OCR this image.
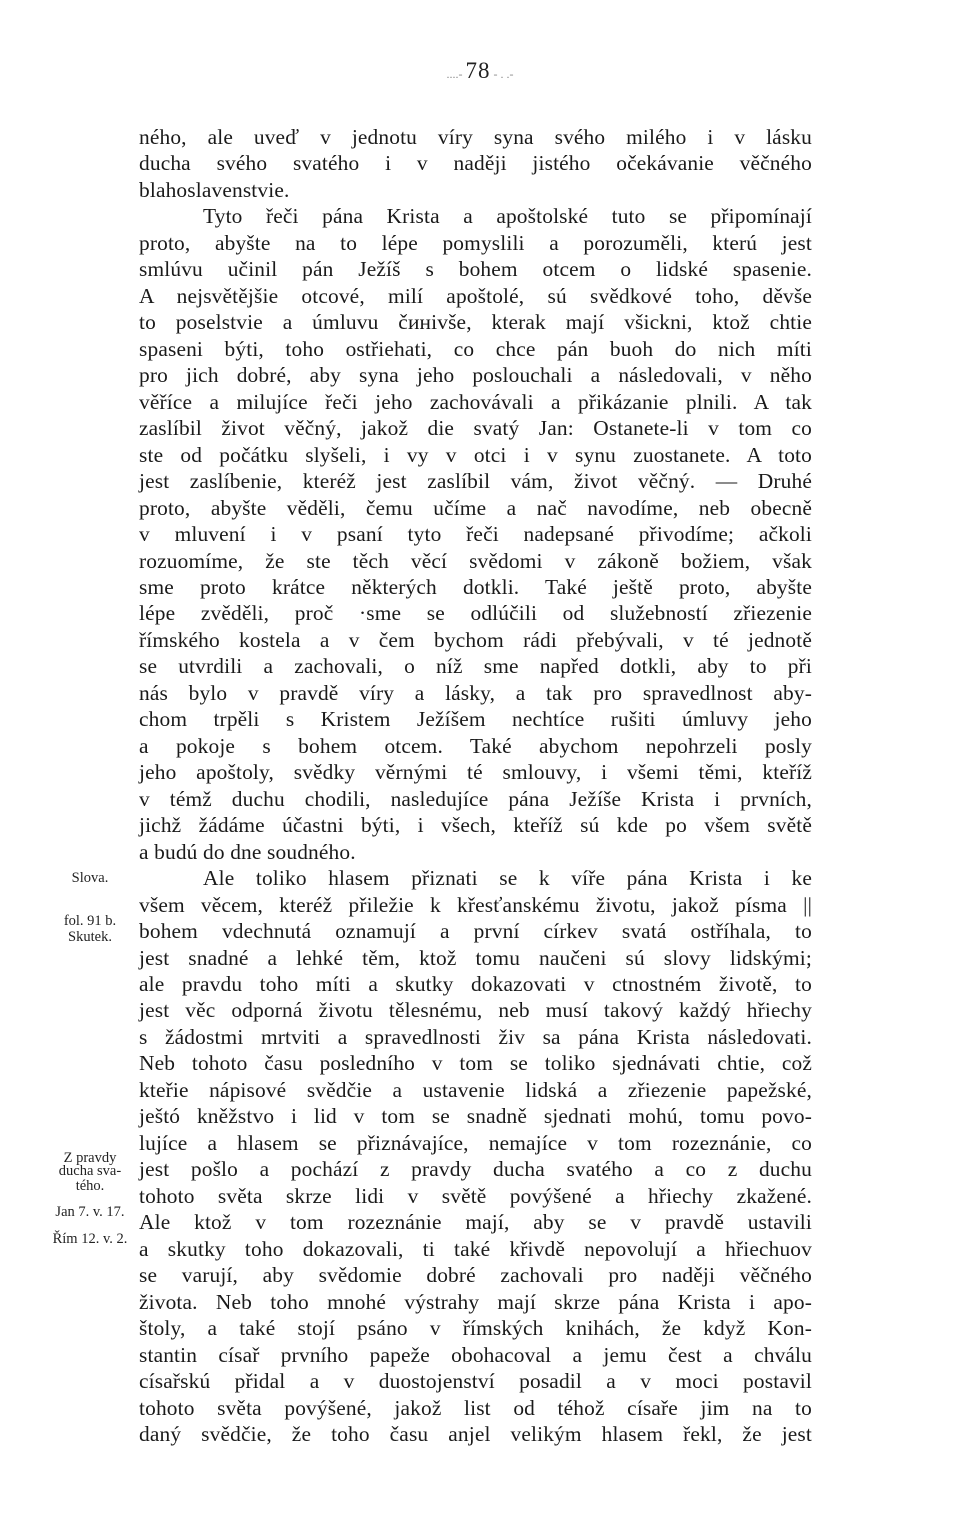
....- 78 - . .-
ného, ale uveď v jednotu víry syna svého milého i v lásku
ducha svého svatého i v naději jistého očekávanie věčného
blahoslavenstvie.
Tyto řeči pána Krista a apoštolské tuto se připomínají
proto, abyšte na to lépe pomyslili a porozuměli, kterú jest
smlúvu učinil pán Ježíš s bohem otcem o lidské spasenie.
A nejsvětějšie otcové, milí apoštolé, sú svědkové toho, děvše
to poselstvie a úmluvu čинivše, kterak mají všickni, ktož chtie
spaseni býti, toho ostřiehati, co chce pán buoh do nich míti
pro jich dobré, aby syna jeho poslouchali a následovali, v něho
věříce a milujíce řeči jeho zachovávali a přikázanie plnili. A tak
zaslíbil život věčný, jakož die svatý Jan: Ostanete-li v tom co
ste od počátku slyšeli, i vy v otci i v synu zuostanete. A toto
jest zaslíbenie, kteréž jest zaslíbil vám, život věčný. — Druhé
proto, abyšte věděli, čemu učíme a nač navodíme, neb obecně
v mluvení i v psaní tyto řeči nadepsané přivodíme; ačkoli
rozuomíme, že ste těch věcí svědomi v zákoně božiem, však
sme proto krátce některých dotkli. Také ještě proto, abyšte
lépe zvěděli, proč ·sme se odlúčili od služebností zřiezenie
římského kostela a v čem bychom rádi přebývali, v té jednotě
se utvrdili a zachovali, o níž sme napřed dotkli, aby to při
nás bylo v pravdě víry a lásky, a tak pro spravedlnost aby-
chom trpěli s Kristem Ježíšem nechtíce rušiti úmluvy jeho
a pokoje s bohem otcem. Také abychom nepohrzeli posly
jeho apoštoly, svědky věrnými té smlouvy, i všemi těmi, kteříž
v témž duchu chodili, nasledujíce pána Ježíše Krista i prvních,
jichž žádáme účastni býti, i všech, kteříž sú kde po všem světě
a budú do dne soudného.
Ale toliko hlasem přiznati se k víře pána Krista i ke
všem věcem, kteréž přiležie k křesťanskému životu, jakož písma ||
bohem vdechnutá oznamují a první církev svatá ostříhala, to
jest snadné a lehké těm, ktož tomu naučeni sú slovy lidskými;
ale pravdu toho míti a skutky dokazovati v ctnostném životě, to
jest věc odporná životu tělesnému, neb musí takový každý hřiechy
s žádostmi mrtviti a spravedlnosti živ sa pána Krista následovati.
Neb tohoto času posledního v tom se toliko sjednávati chtie, což
kteřie nápisové svědčie a ustavenie lidská a zřiezenie papežské,
ještó kněžstvo i lid v tom se snadně sjednati mohú, tomu povo-
lujíce a hlasem se přiznávajíce, nemajíce v tom rozeznánie, co
jest pošlo a pochází z pravdy ducha svatého a co z duchu
tohoto světa skrze lidi v světě povýšené a hřiechy zkažené.
Ale ktož v tom rozeznánie mají, aby se v pravdě ustavili
a skutky toho dokazovali, ti také křivdě nepovolují a hřiechuov
se varují, aby svědomie dobré zachovali pro naději věčného
života. Neb toho mnohé výstrahy mají skrze pána Krista i apo-
štoly, a také stojí psáno v římských knihách, že když Kon-
stantin císař prvního papeže obohacoval a jemu čest a chválu
císařskú přidal a v duostojenství posadil a v moci postavil
tohoto světa povýšené, jakož list od téhož císaře jim na to
daný svědčie, že toho času anjel velikým hlasem řekl, že jest
Slova.
fol. 91 b.
Skutek.
Z pravdy
ducha sva-
tého.
Jan 7. v. 17.
Řím 12. v. 2.
